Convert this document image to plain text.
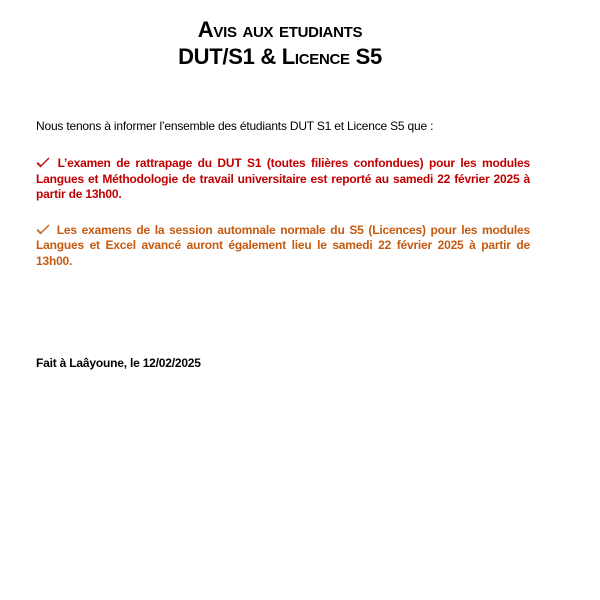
Avis aux etudiants
DUT/S1 & Licence S5

Nous tenons à informer l’ensemble des étudiants DUT S1 et Licence S5 que :

L’examen de rattrapage du DUT S1 (toutes filières confondues) pour les modules Langues et Méthodologie de travail universitaire est reporté au samedi 22 février 2025 à partir de 13h00.

Les examens de la session automnale normale du S5 (Licences) pour les modules Langues et Excel avancé auront également lieu le samedi 22 février 2025 à partir de 13h00.

Fait à Laâyoune, le 12/02/2025
